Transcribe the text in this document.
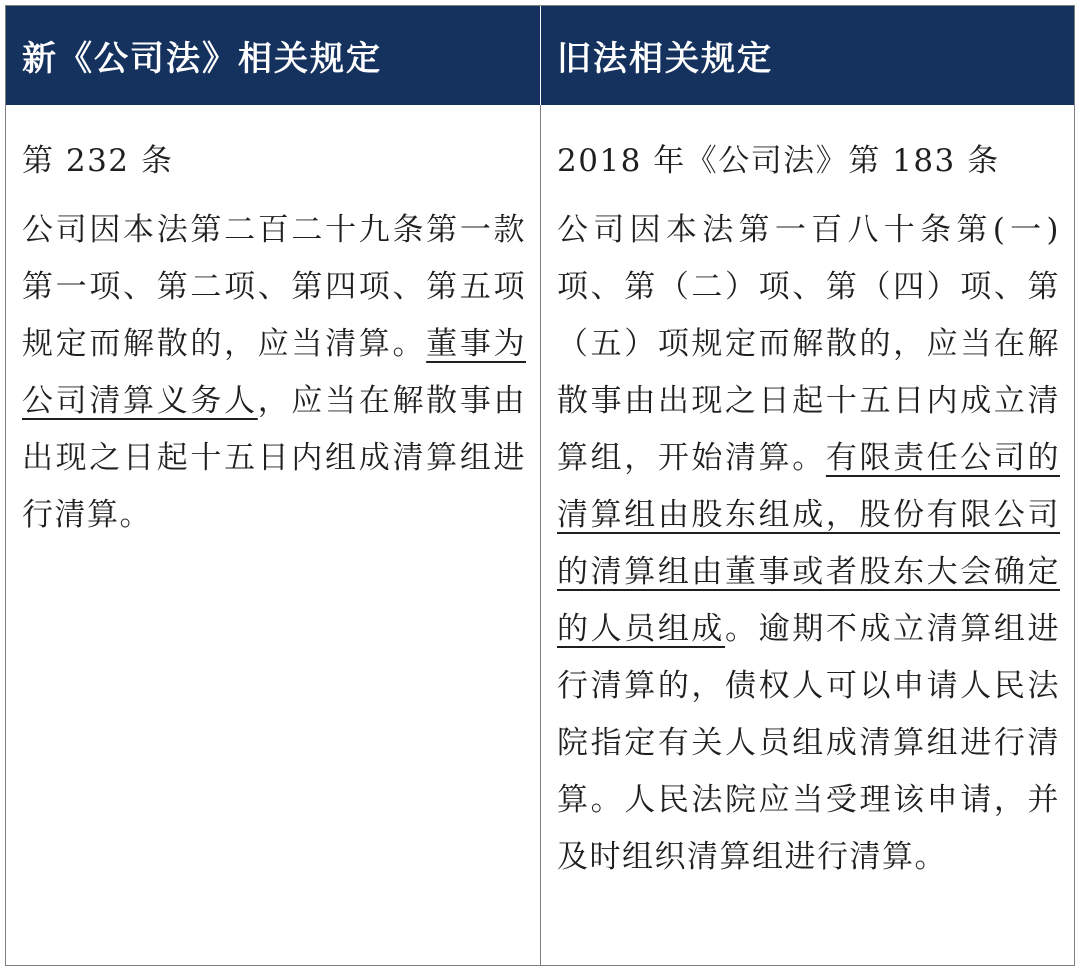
新《公司法》相关规定	旧法相关规定

第 232 条

公司因本法第二百二十九条第一款第一项、第二项、第四项、第五项规定而解散的，应当清算。董事为公司清算义务人，应当在解散事由出现之日起十五日内组成清算组进行清算。

2018 年《公司法》第 183 条

公司因本法第一百八十条第(一)项、第（二）项、第（四）项、第（五）项规定而解散的，应当在解散事由出现之日起十五日内成立清算组，开始清算。有限责任公司的清算组由股东组成，股份有限公司的清算组由董事或者股东大会确定的人员组成。逾期不成立清算组进行清算的，债权人可以申请人民法院指定有关人员组成清算组进行清算。人民法院应当受理该申请，并及时组织清算组进行清算。
